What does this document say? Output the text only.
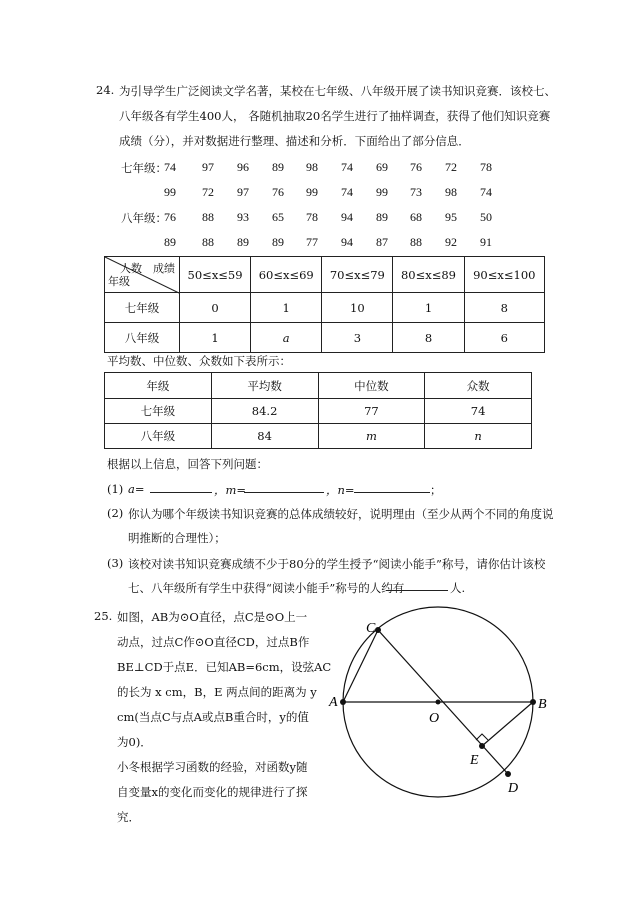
24. 为引导学生广泛阅读文学名著，某校在七年级、八年级开展了读书知识竞赛．该校七、
八年级各有学生400人， 各随机抽取20名学生进行了抽样调查，获得了他们知识竞赛
成绩（分），并对数据进行整理、描述和分析．下面给出了部分信息．
七年级：
74 97 96 89 98 74 69 76 72 78
99 72 97 76 99 74 99 73 98 74
八年级：
76 88 93 65 78 94 89 68 95 50
89 88 89 89 77 94 87 88 92 91
人数　成绩
年级	50≤x≤59	60≤x≤69	70≤x≤79	80≤x≤89	90≤x≤100
七年级	0	1	10	1	8
八年级	1	a	3	8	6
平均数、中位数、众数如下表所示：
年级	平均数	中位数	众数
七年级	84.2	77	74
八年级	84	m	n
根据以上信息，回答下列问题：
(1) a=	，m=	，n=	；
(2) 你认为哪个年级读书知识竞赛的总体成绩较好，说明理由（至少从两个不同的角度说
明推断的合理性）；
(3) 该校对读书知识竞赛成绩不少于80分的学生授予“阅读小能手”称号，请你估计该校
七、八年级所有学生中获得“阅读小能手”称号的人约有	人.
25. 如图，AB为⊙O直径，点C是⊙O上一
动点，过点C作⊙O直径CD，过点B作
BE⊥CD于点E．已知AB=6cm，设弦AC
的长为 x cm，B，E 两点间的距离为 y
cm(当点C与点A或点B重合时，y的值
为0)．
小冬根据学习函数的经验，对函数y随
自变量x的变化而变化的规律进行了探
究．
A	B
C
D
E
O
